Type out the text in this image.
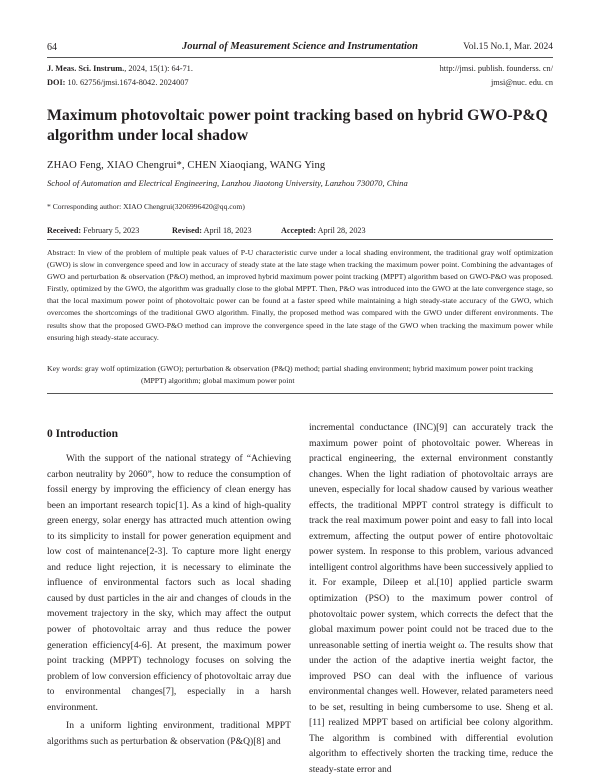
64	Journal of Measurement Science and Instrumentation	Vol.15 No.1, Mar. 2024
J. Meas. Sci. Instrum., 2024, 15(1): 64-71.
DOI: 10. 62756/jmsi.1674-8042. 2024007
http://jmsi. publish. founderss. cn/
jmsi@nuc. edu. cn
Maximum photovoltaic power point tracking based on hybrid GWO-P&Q algorithm under local shadow
ZHAO Feng, XIAO Chengrui*, CHEN Xiaoqiang, WANG Ying
School of Automation and Electrical Engineering, Lanzhou Jiaotong University, Lanzhou 730070, China
* Corresponding author: XIAO Chengrui(3206996420@qq.com)
Received: February 5, 2023	Revised: April 18, 2023	Accepted: April 28, 2023

Abstract: In view of the problem of multiple peak values of P-U characteristic curve under a local shading environment, the traditional gray wolf optimization (GWO) is slow in convergence speed and low in accuracy of steady state at the late stage when tracking the maximum power point. Combining the advantages of GWO and perturbation & observation (P&O) method, an improved hybrid maximum power point tracking (MPPT) algorithm based on GWO-P&O was proposed. Firstly, optimized by the GWO, the algorithm was gradually close to the global MPPT. Then, P&O was introduced into the GWO at the late convergence stage, so that the local maximum power point of photovoltaic power can be found at a faster speed while maintaining a high steady-state accuracy of the GWO, which overcomes the shortcomings of the traditional GWO algorithm. Finally, the proposed method was compared with the GWO under different environments. The results show that the proposed GWO-P&O method can improve the convergence speed in the late stage of the GWO when tracking the maximum power while ensuring high steady-state accuracy.

Key words: gray wolf optimization (GWO); perturbation & observation (P&Q) method; partial shading environment; hybrid maximum power point tracking (MPPT) algorithm; global maximum power point

0 Introduction

With the support of the national strategy of “Achieving carbon neutrality by 2060”, how to reduce the consumption of fossil energy by improving the efficiency of clean energy has been an important research topic[1]. As a kind of high-quality green energy, solar energy has attracted much attention owing to its simplicity to install for power generation equipment and low cost of maintenance[2-3]. To capture more light energy and reduce light rejection, it is necessary to eliminate the influence of environmental factors such as local shading caused by dust particles in the air and changes of clouds in the movement trajectory in the sky, which may affect the output power of photovoltaic array and thus reduce the power generation efficiency[4-6]. At present, the maximum power point tracking (MPPT) technology focuses on solving the problem of low conversion efficiency of photovoltaic array due to environmental changes[7], especially in a harsh environment.

In a uniform lighting environment, traditional MPPT algorithms such as perturbation & observation (P&Q)[8] and

incremental conductance (INC)[9] can accurately track the maximum power point of photovoltaic power. Whereas in practical engineering, the external environment constantly changes. When the light radiation of photovoltaic arrays are uneven, especially for local shadow caused by various weather effects, the traditional MPPT control strategy is difficult to track the real maximum power point and easy to fall into local extremum, affecting the output power of entire photovoltaic power system. In response to this problem, various advanced intelligent control algorithms have been successively applied to it. For example, Dileep et al.[10] applied particle swarm optimization (PSO) to the maximum power control of photovoltaic power system, which corrects the defect that the global maximum power point could not be traced due to the unreasonable setting of inertia weight ω. The results show that under the action of the adaptive inertia weight factor, the improved PSO can deal with the influence of various environmental changes well. However, related parameters need to be set, resulting in being cumbersome to use. Sheng et al.[11] realized MPPT based on artificial bee colony algorithm. The algorithm is combined with differential evolution algorithm to effectively shorten the tracking time, reduce the steady-state error and
